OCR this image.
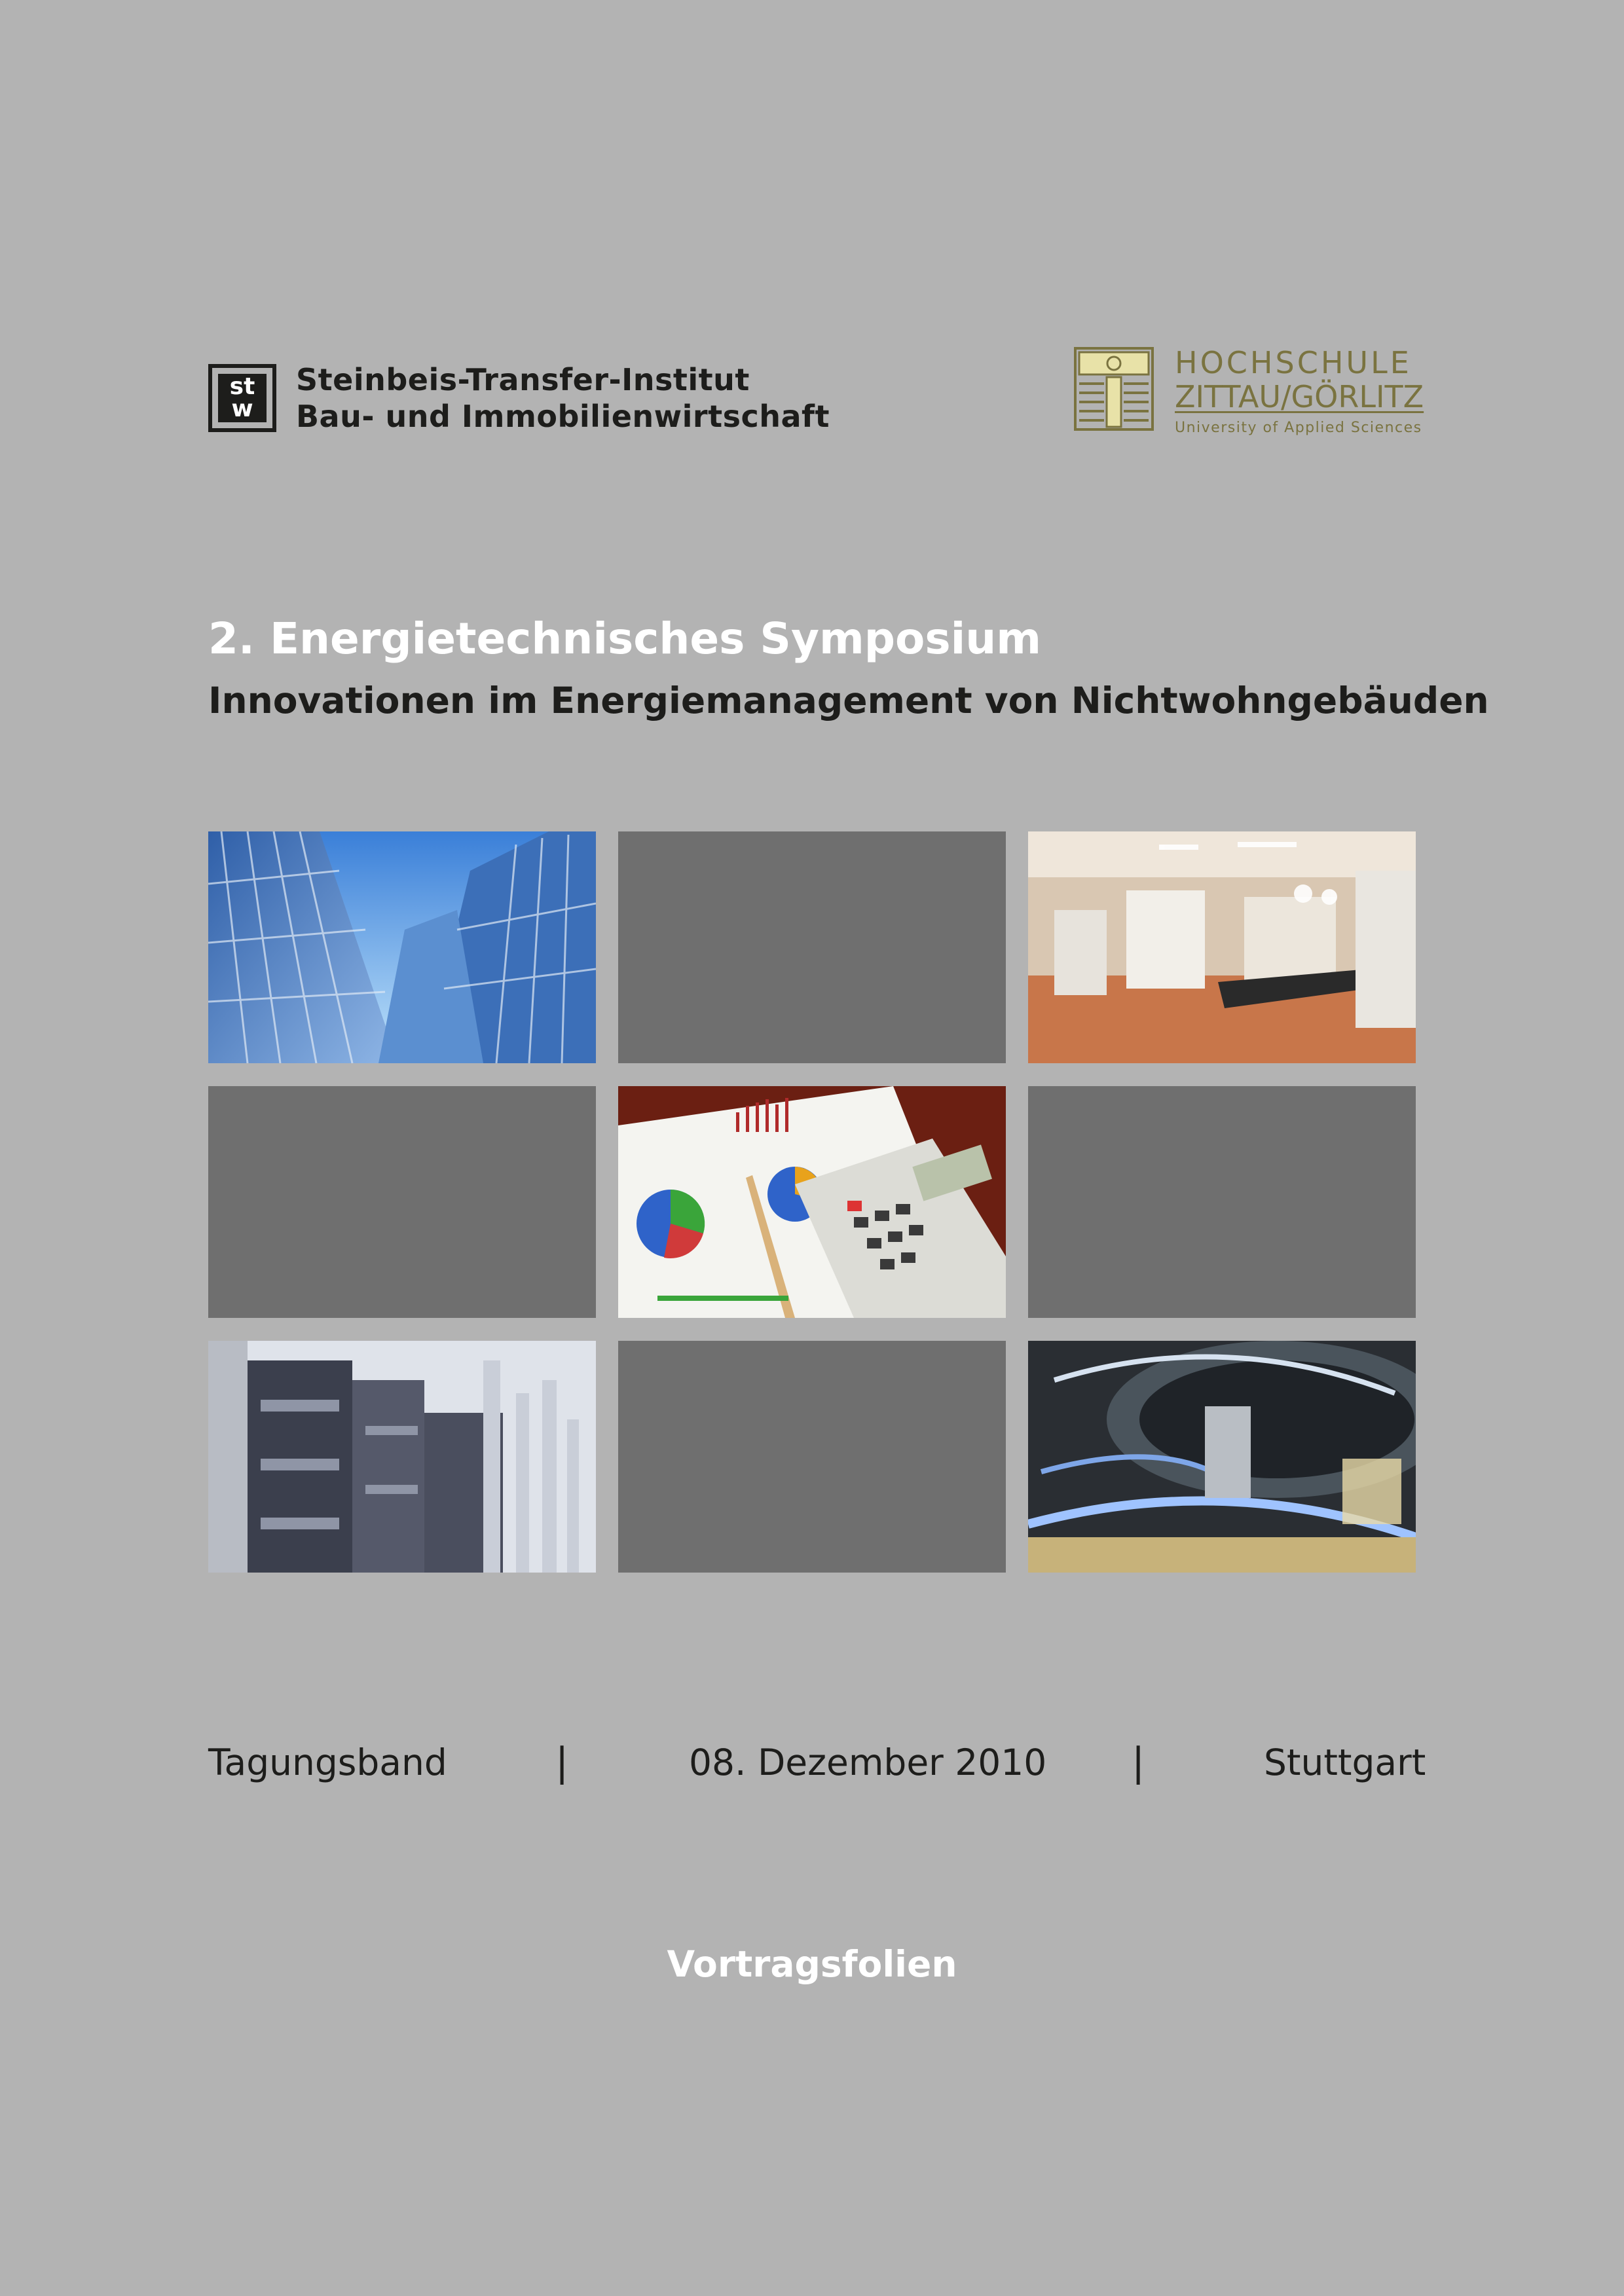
st
w
Steinbeis-Transfer-Institut
Bau- und Immobilienwirtschaft
HOCHSCHULE
ZITTAU/GÖRLITZ
University of Applied Sciences
2. Energietechnisches Symposium
Innovationen im Energiemanagement von Nichtwohngebäuden
Tagungsband	|	08. Dezember 2010 |	Stuttgart
Vortragsfolien
